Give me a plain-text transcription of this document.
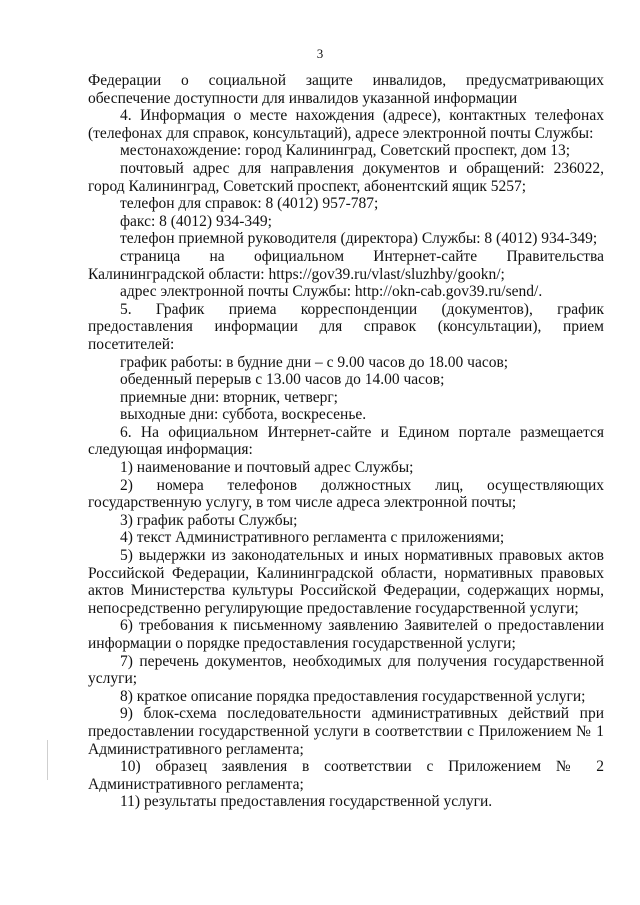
3

Федерации о социальной защите инвалидов, предусматривающих обеспечение доступности для инвалидов указанной информации

4. Информация о месте нахождения (адресе), контактных телефонах (телефонах для справок, консультаций), адресе электронной почты Службы:

местонахождение: город Калининград, Советский проспект, дом 13;

почтовый адрес для направления документов и обращений: 236022, город Калининград, Советский проспект, абонентский ящик 5257;

телефон для справок: 8 (4012) 957-787;

факс: 8 (4012) 934-349;

телефон приемной руководителя (директора) Службы: 8 (4012) 934-349;

страница на официальном Интернет-сайте Правительства Калининградской области: https://gov39.ru/vlast/sluzhby/gookn/;

адрес электронной почты Службы: http://okn-cab.gov39.ru/send/.

5. График приема корреспонденции (документов), график предоставления информации для справок (консультации), прием посетителей:

график работы: в будние дни – с 9.00 часов до 18.00 часов;

обеденный перерыв с 13.00 часов до 14.00 часов;

приемные дни: вторник, четверг;

выходные дни: суббота, воскресенье.

6. На официальном Интернет-сайте и Едином портале размещается следующая информация:

1) наименование и почтовый адрес Службы;

2) номера телефонов должностных лиц, осуществляющих государственную услугу, в том числе адреса электронной почты;

3) график работы Службы;

4) текст Административного регламента с приложениями;

5) выдержки из законодательных и иных нормативных правовых актов Российской Федерации, Калининградской области, нормативных правовых актов Министерства культуры Российской Федерации, содержащих нормы, непосредственно регулирующие предоставление государственной услуги;

6) требования к письменному заявлению Заявителей о предоставлении информации о порядке предоставления государственной услуги;

7) перечень документов, необходимых для получения государственной услуги;

8) краткое описание порядка предоставления государственной услуги;

9) блок-схема последовательности административных действий при предоставлении государственной услуги в соответствии с Приложением № 1 Административного регламента;

10) образец заявления в соответствии с Приложением № 2 Административного регламента;

11) результаты предоставления государственной услуги.
